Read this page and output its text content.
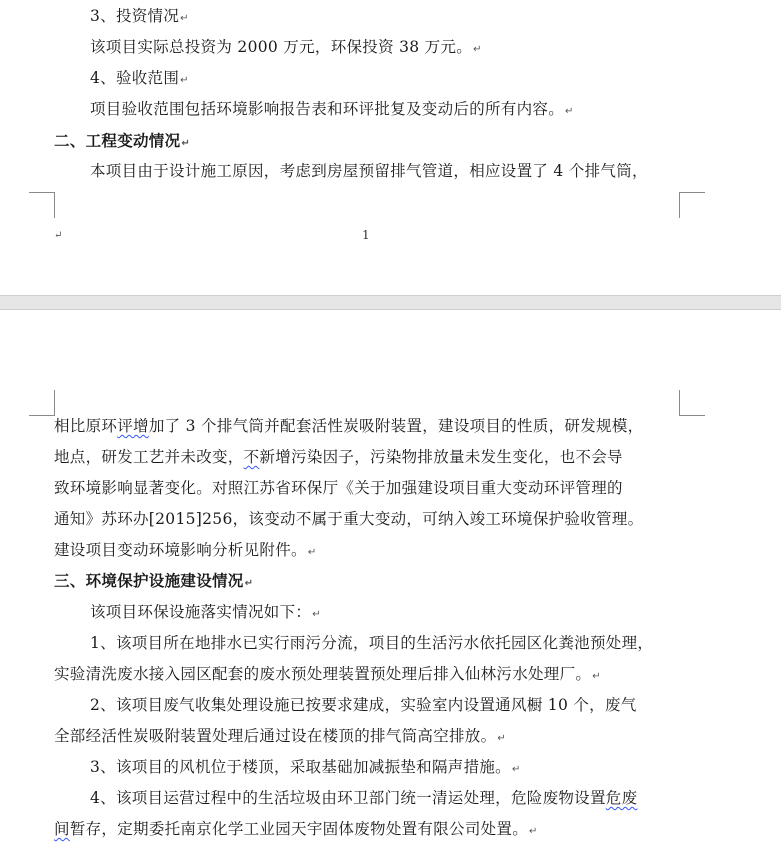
3、投资情况↵
该项目实际总投资为 2000 万元，环保投资 38 万元。↵
4、验收范围↵
项目验收范围包括环境影响报告表和环评批复及变动后的所有内容。↵
二、工程变动情况↵
本项目由于设计施工原因，考虑到房屋预留排气管道，相应设置了 4 个排气筒，
↵	1
相比原环评增加了 3 个排气筒并配套活性炭吸附装置，建设项目的性质，研发规模，
地点，研发工艺并未改变，不新增污染因子，污染物排放量未发生变化，也不会导
致环境影响显著变化。对照江苏省环保厅《关于加强建设项目重大变动环评管理的
通知》苏环办[2015]256，该变动不属于重大变动，可纳入竣工环境保护验收管理。
建设项目变动环境影响分析见附件。↵
三、环境保护设施建设情况↵
该项目环保设施落实情况如下：↵
1、该项目所在地排水已实行雨污分流，项目的生活污水依托园区化粪池预处理，
实验清洗废水接入园区配套的废水预处理装置预处理后排入仙林污水处理厂。↵
2、该项目废气收集处理设施已按要求建成，实验室内设置通风橱 10 个，废气
全部经活性炭吸附装置处理后通过设在楼顶的排气筒高空排放。↵
3、该项目的风机位于楼顶，采取基础加减振垫和隔声措施。↵
4、该项目运营过程中的生活垃圾由环卫部门统一清运处理，危险废物设置危废
间暂存，定期委托南京化学工业园天宇固体废物处置有限公司处置。↵
